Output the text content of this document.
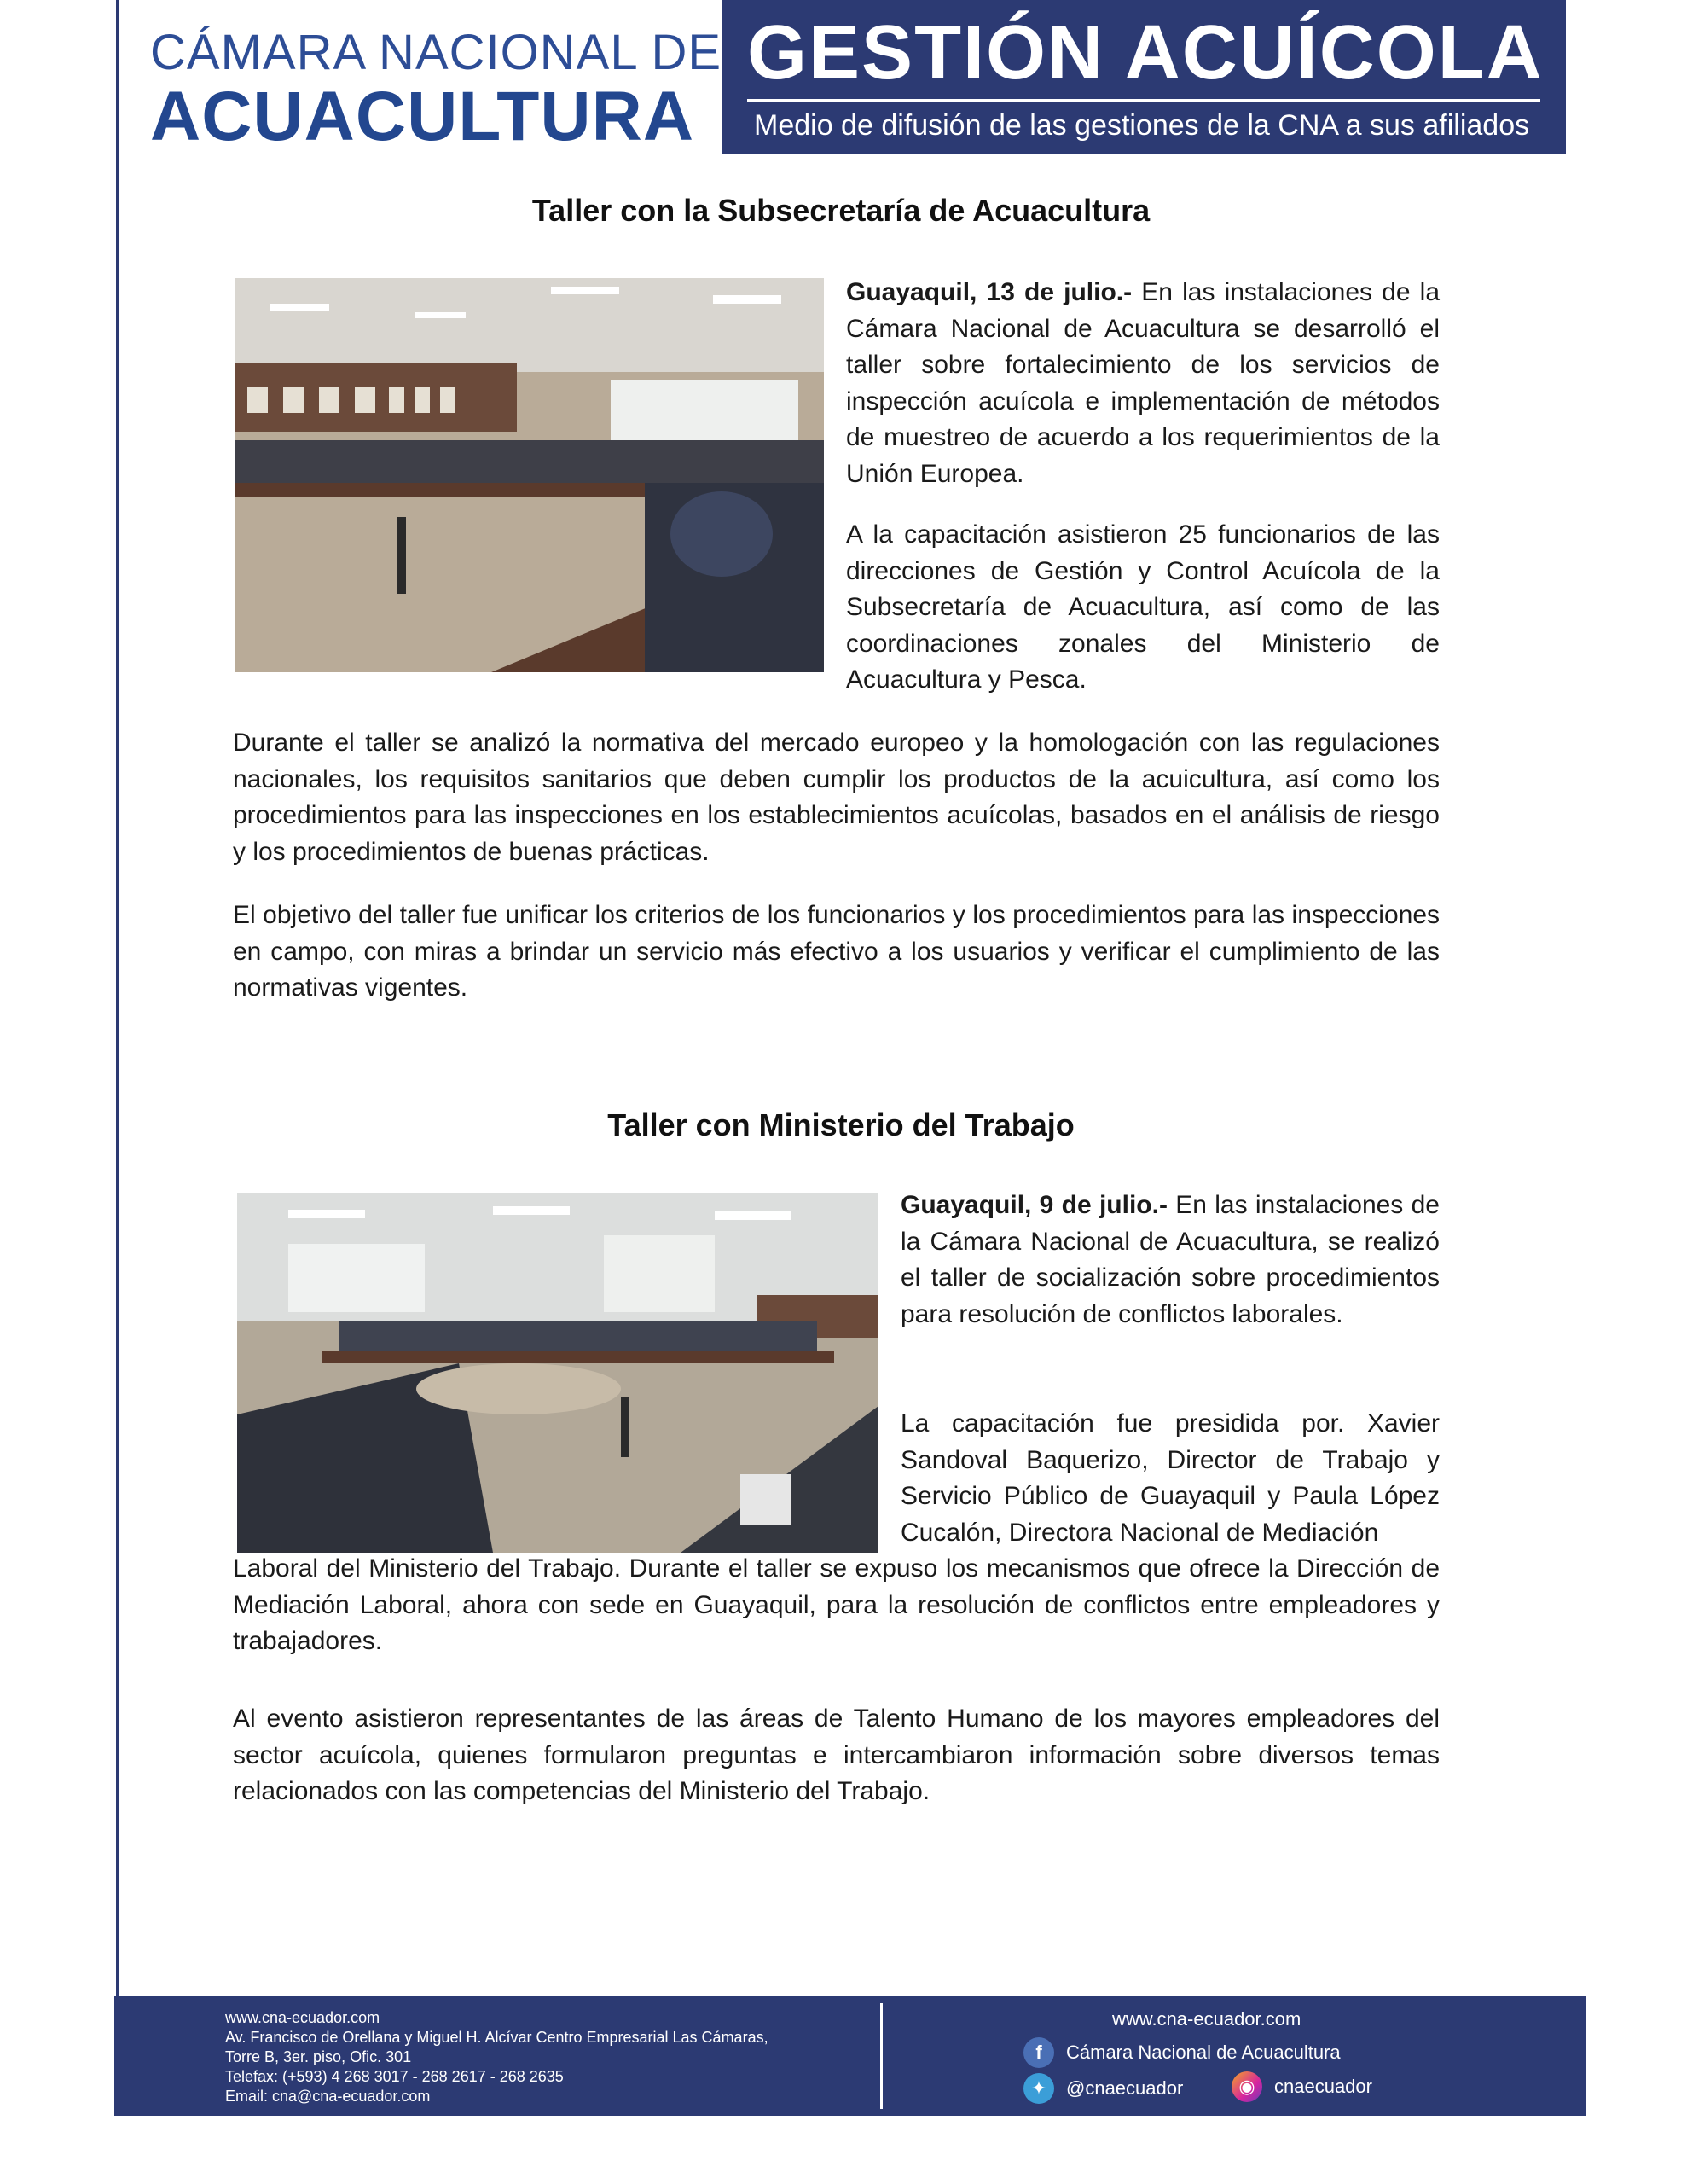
CÁMARA NACIONAL DE
ACUACULTURA
GESTIÓN ACUÍCOLA
Medio de difusión de las gestiones de la CNA a sus afiliados
Taller con la Subsecretaría de Acuacultura
Guayaquil, 13 de julio.- En las instalaciones de la Cámara Nacional de Acuacultura se desarrolló el taller sobre fortalecimiento de los servicios de inspección acuícola e implementación de métodos de muestreo de acuerdo a los requerimientos de la Unión Europea.
A la capacitación asistieron 25 funcionarios de las direcciones de Gestión y Control Acuícola de la Subsecretaría de Acuacultura, así como de las coordinaciones zonales del Ministerio de Acuacultura y Pesca.
Durante el taller se analizó la normativa del mercado europeo y la homologación con las regulaciones nacionales, los requisitos sanitarios que deben cumplir los productos de la acuicultura, así como los procedimientos para las inspecciones en los establecimientos acuícolas, basados en el análisis de riesgo y los procedimientos de buenas prácticas.
El objetivo del taller fue unificar los criterios de los funcionarios y los procedimientos para las inspecciones en campo, con miras a brindar un servicio más efectivo a los usuarios y verificar el cumplimiento de las normativas vigentes.
Taller con Ministerio del Trabajo
Guayaquil, 9 de julio.- En las instalaciones de la Cámara Nacional de Acuacultura, se realizó el taller de socialización sobre procedimientos para resolución de conflictos laborales.
La capacitación fue presidida por. Xavier Sandoval Baquerizo, Director de Trabajo y Servicio Público de Guayaquil y Paula López Cucalón, Directora Nacional de Mediación
Laboral del Ministerio del Trabajo. Durante el taller se expuso los mecanismos que ofrece la Dirección de Mediación Laboral, ahora con sede en Guayaquil, para la resolución de conflictos entre empleadores y trabajadores.
Al evento asistieron representantes de las áreas de Talento Humano de los mayores empleadores del sector acuícola, quienes formularon preguntas e intercambiaron información sobre diversos temas relacionados con las competencias del Ministerio del Trabajo.
www.cna-ecuador.com
Av. Francisco de Orellana y Miguel H. Alcívar Centro Empresarial Las Cámaras,
Torre B, 3er. piso, Ofic. 301
Telefax: (+593) 4 268 3017 - 268 2617 - 268 2635
Email: cna@cna-ecuador.com
www.cna-ecuador.com
f	Cámara Nacional de Acuacultura
✦	@cnaecuador	◉	cnaecuador
